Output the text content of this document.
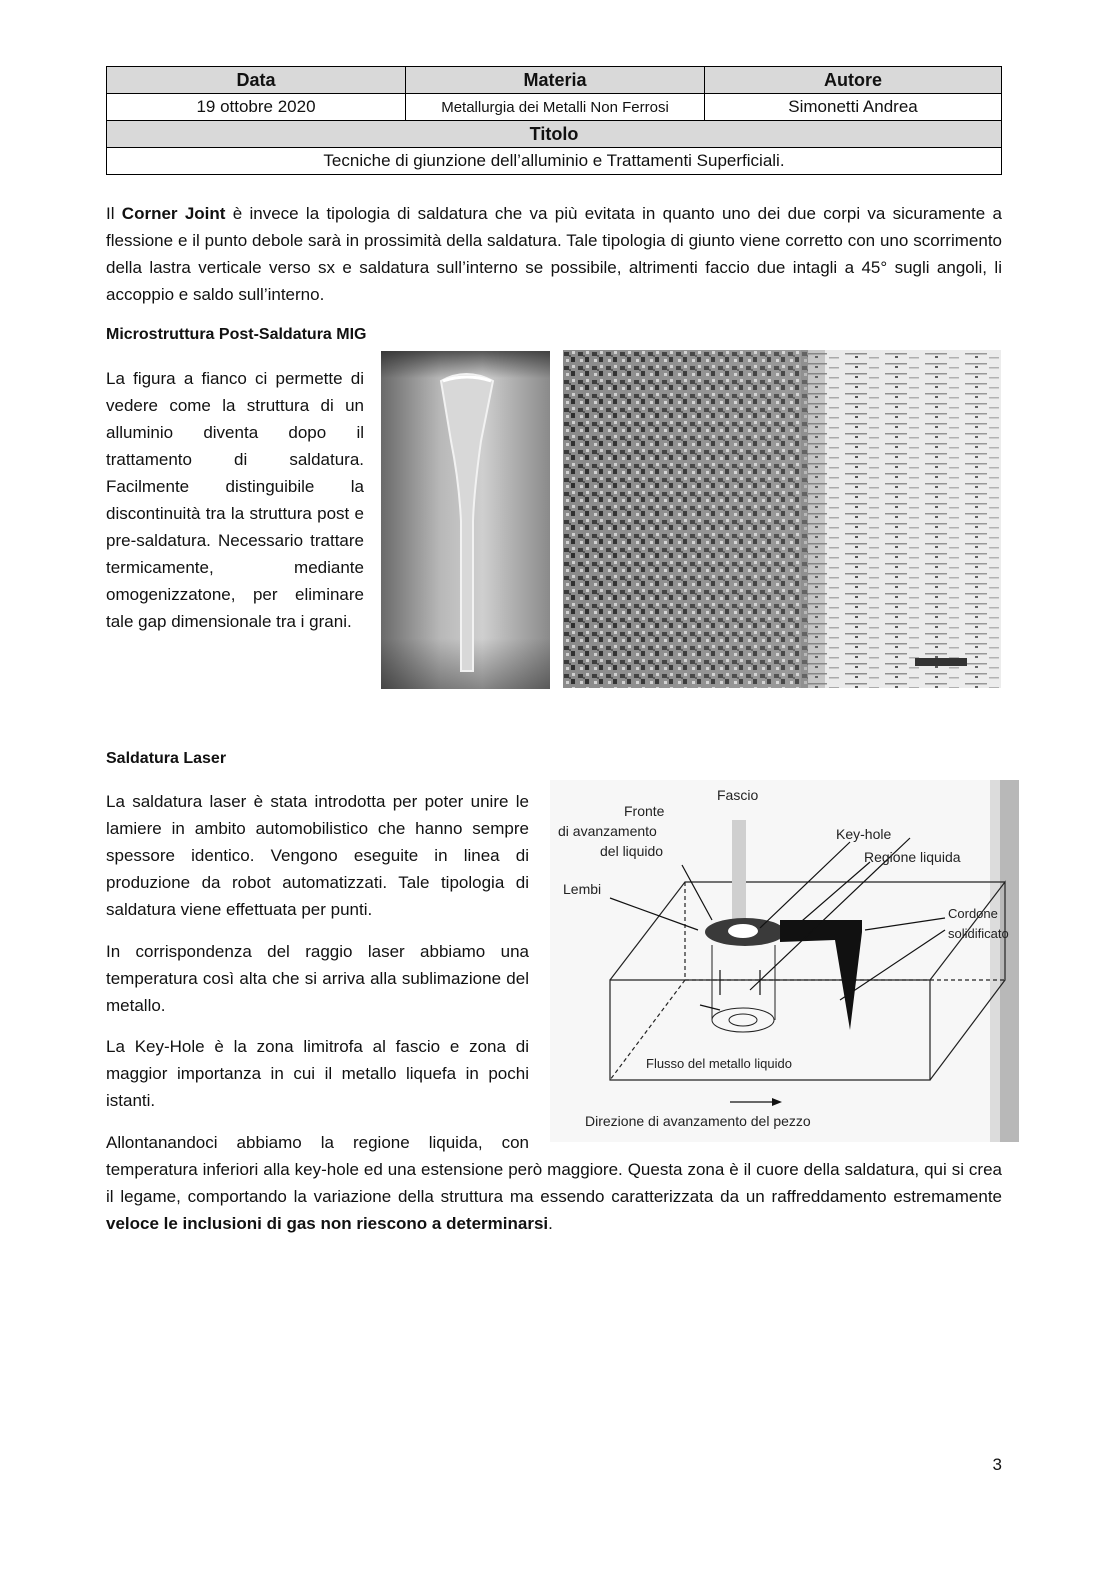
Data	Materia	Autore
19 ottobre 2020	Metallurgia dei Metalli Non Ferrosi	Simonetti Andrea
Titolo		
Tecniche di giunzione dell’alluminio e Trattamenti Superficiali.		

Il Corner Joint è invece la tipologia di saldatura che va più evitata in quanto uno dei due corpi va sicuramente a flessione e il punto debole sarà in prossimità della saldatura. Tale tipologia di giunto viene corretto con uno scorrimento della lastra verticale verso sx e saldatura sull’interno se possibile, altrimenti faccio due intagli a 45° sugli angoli, li accoppio e saldo sull’interno.

Microstruttura Post-Saldatura MIG

La figura a fianco ci permette di vedere come la struttura di un alluminio diventa dopo il trattamento di saldatura. Facilmente distinguibile la discontinuità tra la struttura post e pre-saldatura. Necessario trattare termicamente, mediante omogenizzatone, per eliminare tale gap dimensionale tra i grani.

Saldatura Laser

La saldatura laser è stata introdotta per poter unire le lamiere in ambito automobilistico che hanno sempre spessore identico. Vengono eseguite in linea di produzione da robot automatizzati. Tale tipologia di saldatura viene effettuata per punti.

In corrispondenza del raggio laser abbiamo una temperatura così alta che si arriva alla sublimazione del metallo.

La Key-Hole è la zona limitrofa al fascio e zona di maggior importanza in cui il metallo liquefa in pochi istanti.

Allontanandoci abbiamo la regione liquida, con

temperatura inferiori alla key-hole ed una estensione però maggiore. Questa zona è il cuore della saldatura, qui si crea il legame, comportando la variazione della struttura ma essendo caratterizzata da un raffreddamento estremamente veloce le inclusioni di gas non riescono a determinarsi.

Fascio
Fronte
di avanzamento
del liquido
Key-hole
Regione liquida
Lembi
Cordone
solidificato
Flusso del metallo liquido
Direzione di avanzamento del pezzo
3
